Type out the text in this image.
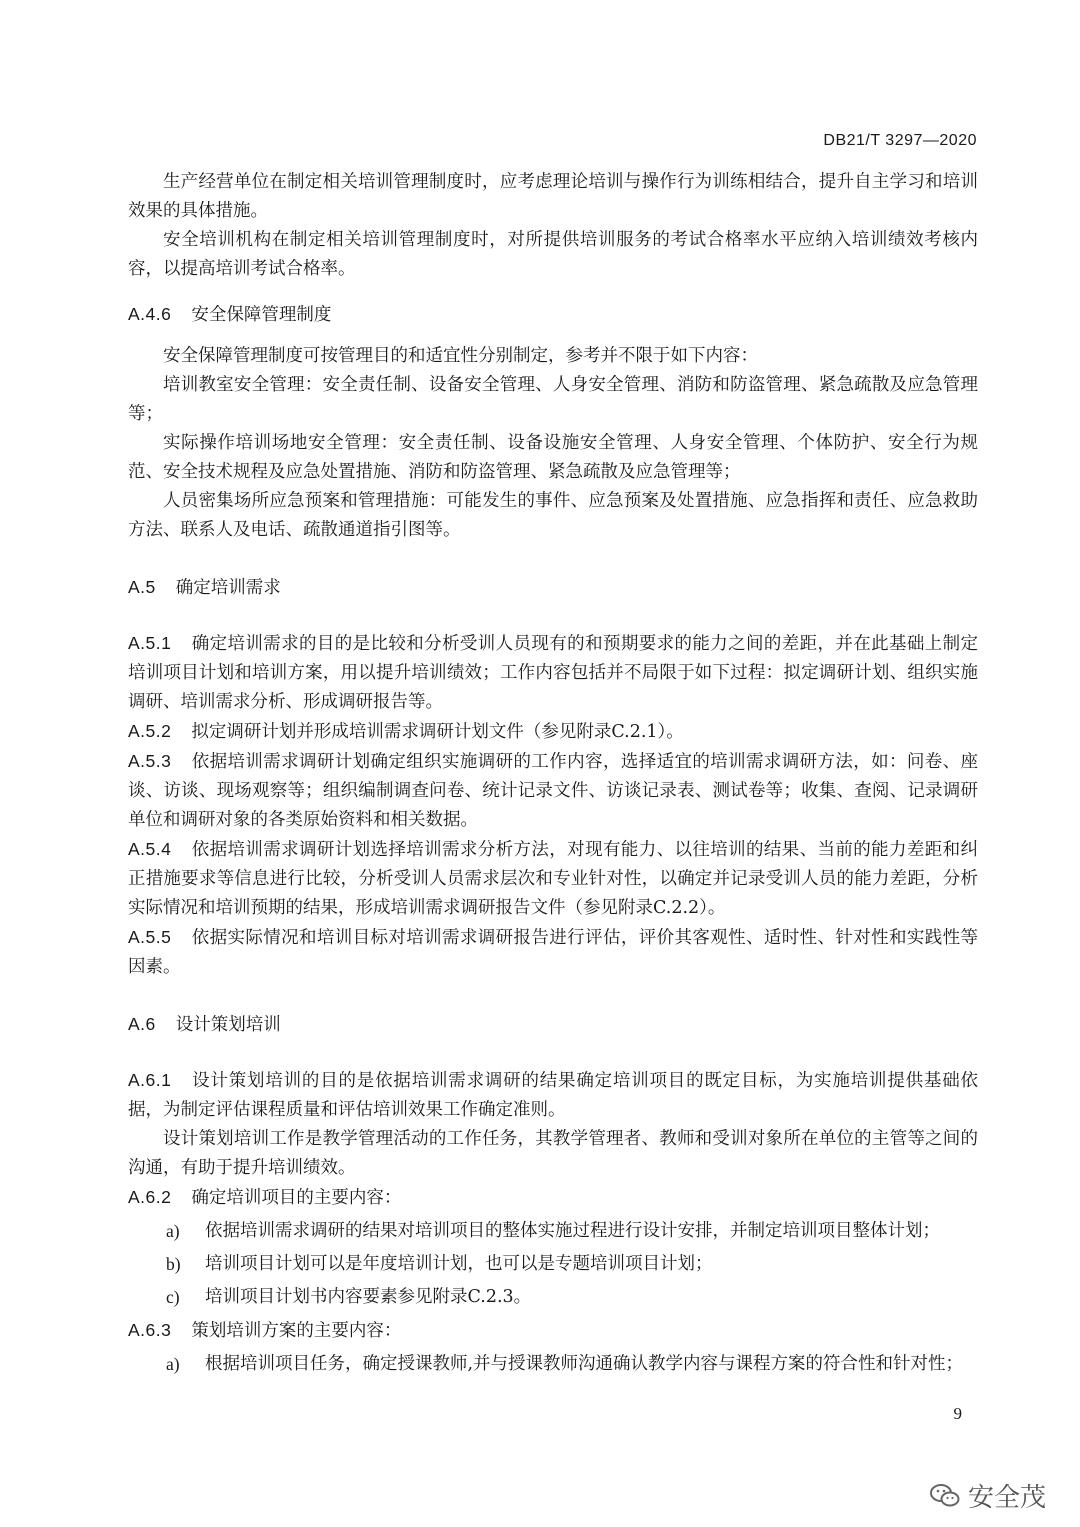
DB21/T 3297—2020

生产经营单位在制定相关培训管理制度时，应考虑理论培训与操作行为训练相结合，提升自主学习和培训效果的具体措施。

安全培训机构在制定相关培训管理制度时，对所提供培训服务的考试合格率水平应纳入培训绩效考核内容，以提高培训考试合格率。

A.4.6 安全保障管理制度

安全保障管理制度可按管理目的和适宜性分别制定，参考并不限于如下内容：

培训教室安全管理：安全责任制、设备安全管理、人身安全管理、消防和防盗管理、紧急疏散及应急管理等；

实际操作培训场地安全管理：安全责任制、设备设施安全管理、人身安全管理、个体防护、安全行为规范、安全技术规程及应急处置措施、消防和防盗管理、紧急疏散及应急管理等；

人员密集场所应急预案和管理措施：可能发生的事件、应急预案及处置措施、应急指挥和责任、应急救助方法、联系人及电话、疏散通道指引图等。

A.5 确定培训需求

A.5.1 确定培训需求的目的是比较和分析受训人员现有的和预期要求的能力之间的差距，并在此基础上制定培训项目计划和培训方案，用以提升培训绩效；工作内容包括并不局限于如下过程：拟定调研计划、组织实施调研、培训需求分析、形成调研报告等。

A.5.2 拟定调研计划并形成培训需求调研计划文件（参见附录C.2.1）。

A.5.3 依据培训需求调研计划确定组织实施调研的工作内容，选择适宜的培训需求调研方法，如：问卷、座谈、访谈、现场观察等；组织编制调查问卷、统计记录文件、访谈记录表、测试卷等；收集、查阅、记录调研单位和调研对象的各类原始资料和相关数据。

A.5.4 依据培训需求调研计划选择培训需求分析方法，对现有能力、以往培训的结果、当前的能力差距和纠正措施要求等信息进行比较，分析受训人员需求层次和专业针对性，以确定并记录受训人员的能力差距，分析实际情况和培训预期的结果，形成培训需求调研报告文件（参见附录C.2.2）。

A.5.5 依据实际情况和培训目标对培训需求调研报告进行评估，评价其客观性、适时性、针对性和实践性等因素。

A.6 设计策划培训

A.6.1 设计策划培训的目的是依据培训需求调研的结果确定培训项目的既定目标，为实施培训提供基础依据，为制定评估课程质量和评估培训效果工作确定准则。

设计策划培训工作是教学管理活动的工作任务，其教学管理者、教师和受训对象所在单位的主管等之间的沟通，有助于提升培训绩效。

A.6.2 确定培训项目的主要内容：

a) 依据培训需求调研的结果对培训项目的整体实施过程进行设计安排，并制定培训项目整体计划；
b) 培训项目计划可以是年度培训计划，也可以是专题培训项目计划；
c) 培训项目计划书内容要素参见附录C.2.3。

A.6.3 策划培训方案的主要内容：

a) 根据培训项目任务，确定授课教师,并与授课教师沟通确认教学内容与课程方案的符合性和针对性；
9
安全茂
